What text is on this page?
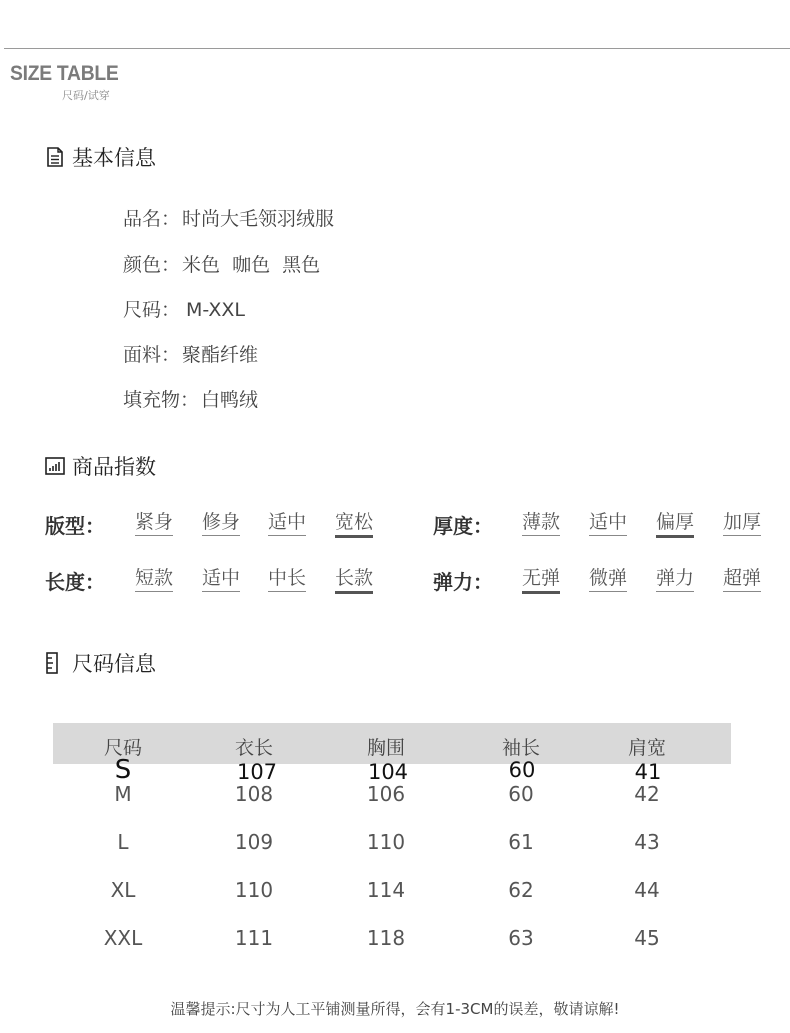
SIZE TABLE
尺码/试穿
基本信息
品名： 时尚大毛领羽绒服
颜色： 米色  咖色  黑色
尺码： M-XXL
面料： 聚酯纤维
填充物： 白鸭绒
商品指数
版型： 紧身 修身 适中 宽松	厚度： 薄款 适中 偏厚 加厚
长度： 短款 适中 中长 长款	弹力： 无弹 微弹 弹力 超弹
尺码信息
尺码	衣长	胸围	袖长	肩宽
S	107	104	60	41
M	108	106	60	42
L	109	110	61	43
XL	110	114	62	44
XXL	111	118	63	45
温馨提示:尺寸为人工平铺测量所得，会有1-3CM的误差，敬请谅解!
